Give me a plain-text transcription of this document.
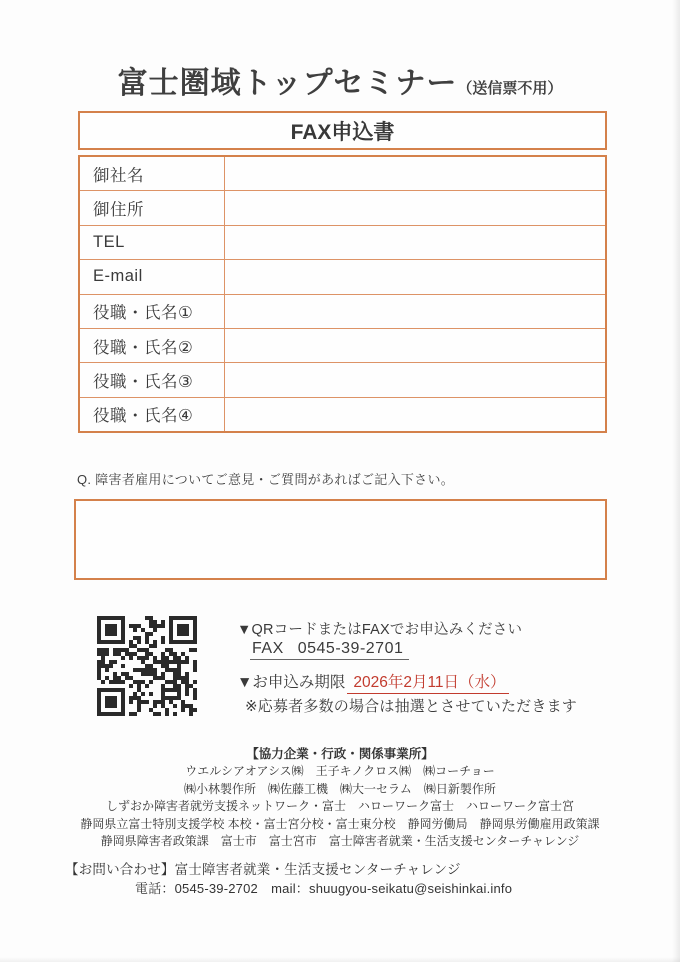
富士圏域トップセミナー（送信票不用）
FAX申込書
御社名
御住所
TEL
E-mail
役職・氏名①
役職・氏名②
役職・氏名③
役職・氏名④
Q. 障害者雇用についてご意見・ご質問があればご記入下さい。
▼QRコードまたはFAXでお申込みください
FAX 0545-39-2701
▼お申込み期限 2026年2月11日（水）
※応募者多数の場合は抽選とさせていただきます
【協力企業・行政・関係事業所】
ウエルシアオアシス㈱　王子キノクロス㈱　㈱コーチョー
㈱小林製作所　㈱佐藤工機　㈱大一セラム　㈱日新製作所
しずおか障害者就労支援ネットワーク・富士　ハローワーク富士　ハローワーク富士宮
静岡県立富士特別支援学校 本校・富士宮分校・富士東分校　静岡労働局　静岡県労働雇用政策課
静岡県障害者政策課　富士市　富士宮市　富士障害者就業・生活支援センターチャレンジ
【お問い合わせ】富士障害者就業・生活支援センターチャレンジ
電話：0545-39-2702　mail：shuugyou-seikatu@seishinkai.info
